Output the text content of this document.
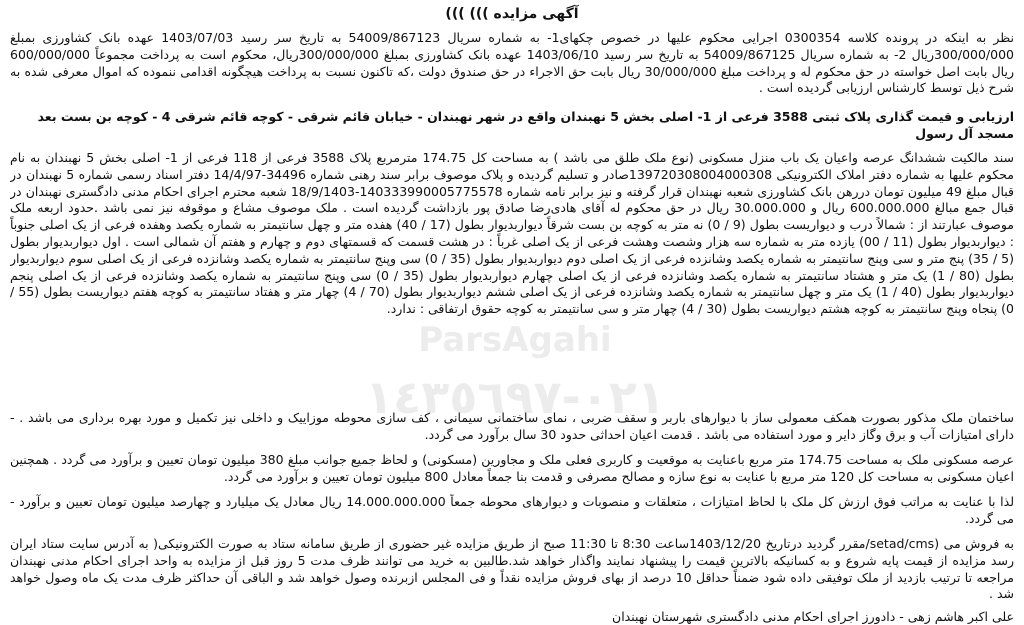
آگهی مزایده ))) )))

نظر به اینکه در پرونده کلاسه 0300354 اجرایی محکوم علیها در خصوص چکهای1- به شماره سریال 54009/867123 به تاریخ سر رسید 1403/07/03 عهده بانک کشاورزی بمبلغ 300/000/000ریال 2- به شماره سریال 54009/867125 به تاریخ سر رسید 1403/06/10 عهده بانک کشاورزی بمبلغ 300/000/000ریال، محکوم است به پرداخت مجموعاً 600/000/000 ریال بابت اصل خواسته در حق محکوم له و پرداخت مبلغ 30/000/000 ریال بابت حق الاجراء در حق صندوق دولت ،که تاکنون نسبت به پرداخت هیچگونه اقدامی ننموده که اموال معرفی شده به شرح ذیل توسط کارشناس ارزیابی گردیده است .

ارزیابی و قیمت گذاری پلاک ثبتی 3588 فرعی از 1- اصلی بخش 5 نهبندان واقع در شهر نهبندان - خیابان قائم شرقی - کوچه قائم شرقی 4 - کوچه بن بست بعد مسجد آل رسول

سند مالکیت ششدانگ عرصه واعیان یک باب منزل مسکونی (نوع ملک طلق می باشد ) به مساحت کل 174.75 مترمربع پلاک 3588 فرعی از 118 فرعی از 1- اصلی بخش 5 نهبندان به نام محکوم علیها به شماره دفتر املاک الکترونیکی 139720308004000308صادر و تسلیم گردیده و پلاک موصوف برابر سند رهنی شماره 34496-14/4/97 دفتر اسناد رسمی شماره 5 نهبندان در قبال مبلغ 49 میلیون تومان دررهن بانک کشاورزی شعبه نهبندان قرار گرفته و نیز برابر نامه شماره 140333990005775578-18/9/1403 شعبه محترم اجرای احکام مدنی دادگستری نهبندان در قبال جمع مبالغ 600.000.000 ریال و 30.000.000 ریال در حق محکوم له آقای هادی‌رضا صادق پور بازداشت گردیده است . ملک موصوف مشاع و موقوفه نیز نمی باشد .حدود اربعه ملک موصوف عبارتند از : شمالاً درب و دیواریست بطول (9 / 0) نه متر به کوچه بن بست شرقاً دیواربدیوار بطول (17 / 40) هفده متر و چهل سانتیمتر به شماره یکصد وهفده فرعی از یک اصلی جنوباً : دیواربدیوار بطول (11 / 00) یازده متر به شماره سه هزار وشصت وهشت فرعی از یک اصلی غرباً : در هشت قسمت که قسمتهای دوم و چهارم و هفتم آن شمالی است . اول دیواربدیوار بطول (5 / 35) پنج متر و سی وپنج سانتیمتر به شماره یکصد وشانزده فرعی از یک اصلی دوم دیواربدیوار بطول (35 / 0) سی وپنج سانتیمتر به شماره یکصد وشانزده فرعی از یک اصلی سوم دیواربدیوار بطول (80 / 1) یک متر و هشتاد سانتیمتر به شماره یکصد وشانزده فرعی از یک اصلی چهارم دیواربدیوار بطول (35 / 0) سی وپنج سانتیمتر به شماره یکصد وشانزده فرعی از یک اصلی پنجم دیواربدیوار بطول (40 / 1) یک متر و چهل سانتیمتر به شماره یکصد وشانزده فرعی از یک اصلی ششم دیواربدیوار بطول (70 / 4) چهار متر و هفتاد سانتیمتر به کوچه هفتم دیواریست بطول (55 / 0) پنجاه وپنج سانتیمتر به کوچه هشتم دیواریست بطول (30 / 4) چهار متر و سی سانتیمتر به کوچه حقوق ارتفاقی : ندارد.

ساختمان ملک مذکور بصورت همکف معمولی ساز با دیوارهای باربر و سقف ضربی ، نمای ساختمانی سیمانی ، کف سازی محوطه موزاییک و داخلی نیز تکمیل و مورد بهره برداری می باشد . - دارای امتیازات آب و برق وگاز دایر و مورد استفاده می باشد . قدمت اعیان احداثی حدود 30 سال برآورد می گردد.

عرصه مسکونی ملک به مساحت 174.75 متر مربع باعنایت به موقعیت و کاربری فعلی ملک و مجاورین (مسکونی) و لحاظ جمیع جوانب مبلغ 380 میلیون تومان تعیین و برآورد می گردد . همچنین اعیان مسکونی به مساحت کل 120 متر مربع با عنایت به نوع سازه و مصالح مصرفی و قدمت بنا جمعاً معادل 800 میلیون تومان تعیین و برآورد می گردد.

لذا با عنایت به مراتب فوق ارزش کل ملک با لحاظ امتیازات ، متعلقات و منصوبات و دیوارهای محوطه جمعاً 14.000.000.000 ریال معادل یک میلیارد و چهارصد میلیون تومان تعیین و برآورد - می گردد.

به فروش می (setad/cms/مقرر گردید درتاریخ 1403/12/20ساعت 8:30 تا 11:30 صبح از طریق مزایده غیر حضوری از طریق سامانه ستاد به صورت الکترونیکی( به آدرس سایت ستاد ایران رسد مزایده از قیمت پایه شروع و به کسانیکه بالاترین قیمت را پیشنهاد نمایند واگذار خواهد شد.طالبین به خرید می توانند ظرف مدت 5 روز قبل از مزایده به واحد اجرای احکام مدنی نهبندان مراجعه تا ترتیب بازدید از ملک توفیقی داده شود ضمناً حداقل 10 درصد از بهای فروش مزایده نقداً و فی المجلس ازبرنده وصول خواهد شد و الباقی آن حداکثر ظرف مدت یک ماه وصول خواهد شد .

علی اکبر هاشم زهی - دادورز اجرای احکام مدنی دادگستری شهرستان نهبندان
ParsAgahi
٠٢١-١٤٣٥٦٩٧
